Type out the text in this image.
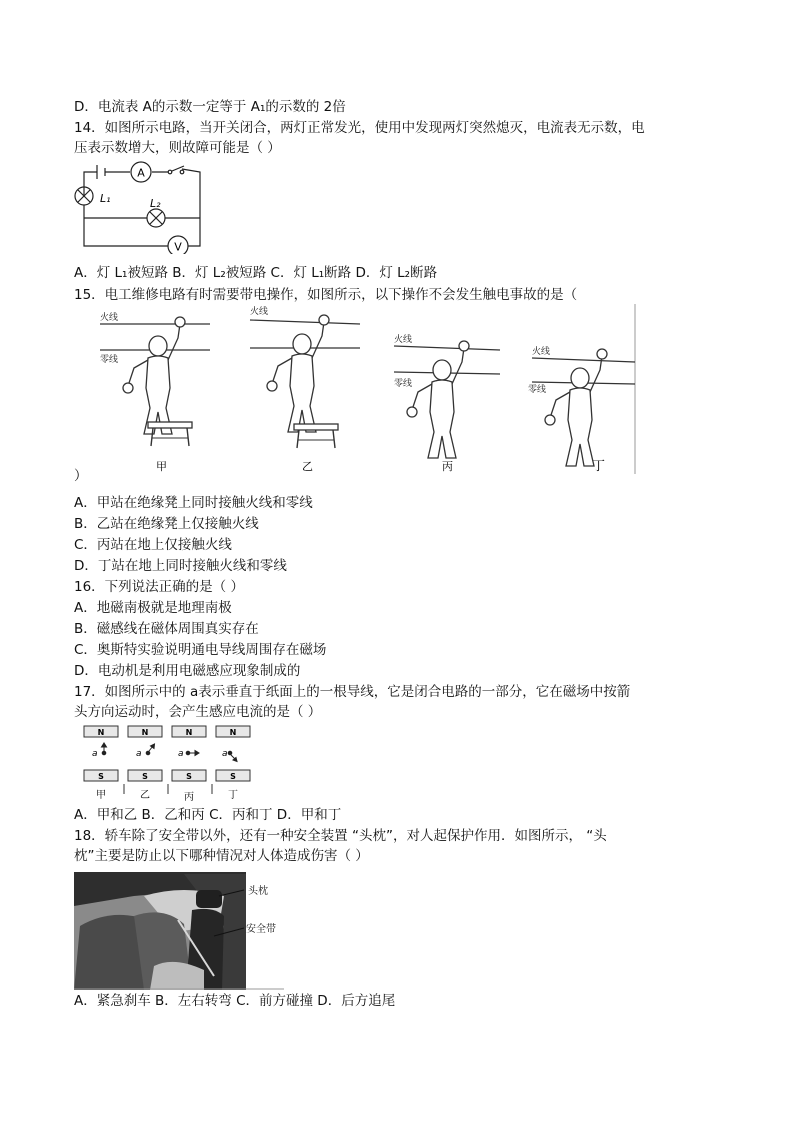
D．电流表 A的示数一定等于 A₁的示数的 2倍
14．如图所示电路，当开关闭合，两灯正常发光，使用中发现两灯突然熄灭，电流表无示数，电
压表示数增大，则故障可能是（ ）
A
V
L₁	L₂
A．灯 L₁被短路 B．灯 L₂被短路 C．灯 L₁断路 D．灯 L₂断路
15．电工维修电路有时需要带电操作，如图所示，以下操作不会发生触电事故的是（
火线
零线
甲
火线
乙
火线
零线
丙
火线
零线
丁
）
A．甲站在绝缘凳上同时接触火线和零线
B．乙站在绝缘凳上仅接触火线
C．丙站在地上仅接触火线
D．丁站在地上同时接触火线和零线
16．下列说法正确的是（ ）
A．地磁南极就是地理南极
B．磁感线在磁体周围真实存在
C．奥斯特实验说明通电导线周围存在磁场
D．电动机是利用电磁感应现象制成的
17．如图所示中的 a表示垂直于纸面上的一根导线，它是闭合电路的一部分，它在磁场中按箭
头方向运动时，会产生感应电流的是（ ）
N	N	N	N
S	S	S	S
a	a	a	a
甲	乙	丙	丁
A．甲和乙 B．乙和丙 C．丙和丁 D．甲和丁
18．轿车除了安全带以外，还有一种安全装置 “头枕”，对人起保护作用．如图所示， “头
枕”主要是防止以下哪种情况对人体造成伤害（ ）
头枕
安全带
A．紧急刹车 B．左右转弯 C．前方碰撞 D．后方追尾
